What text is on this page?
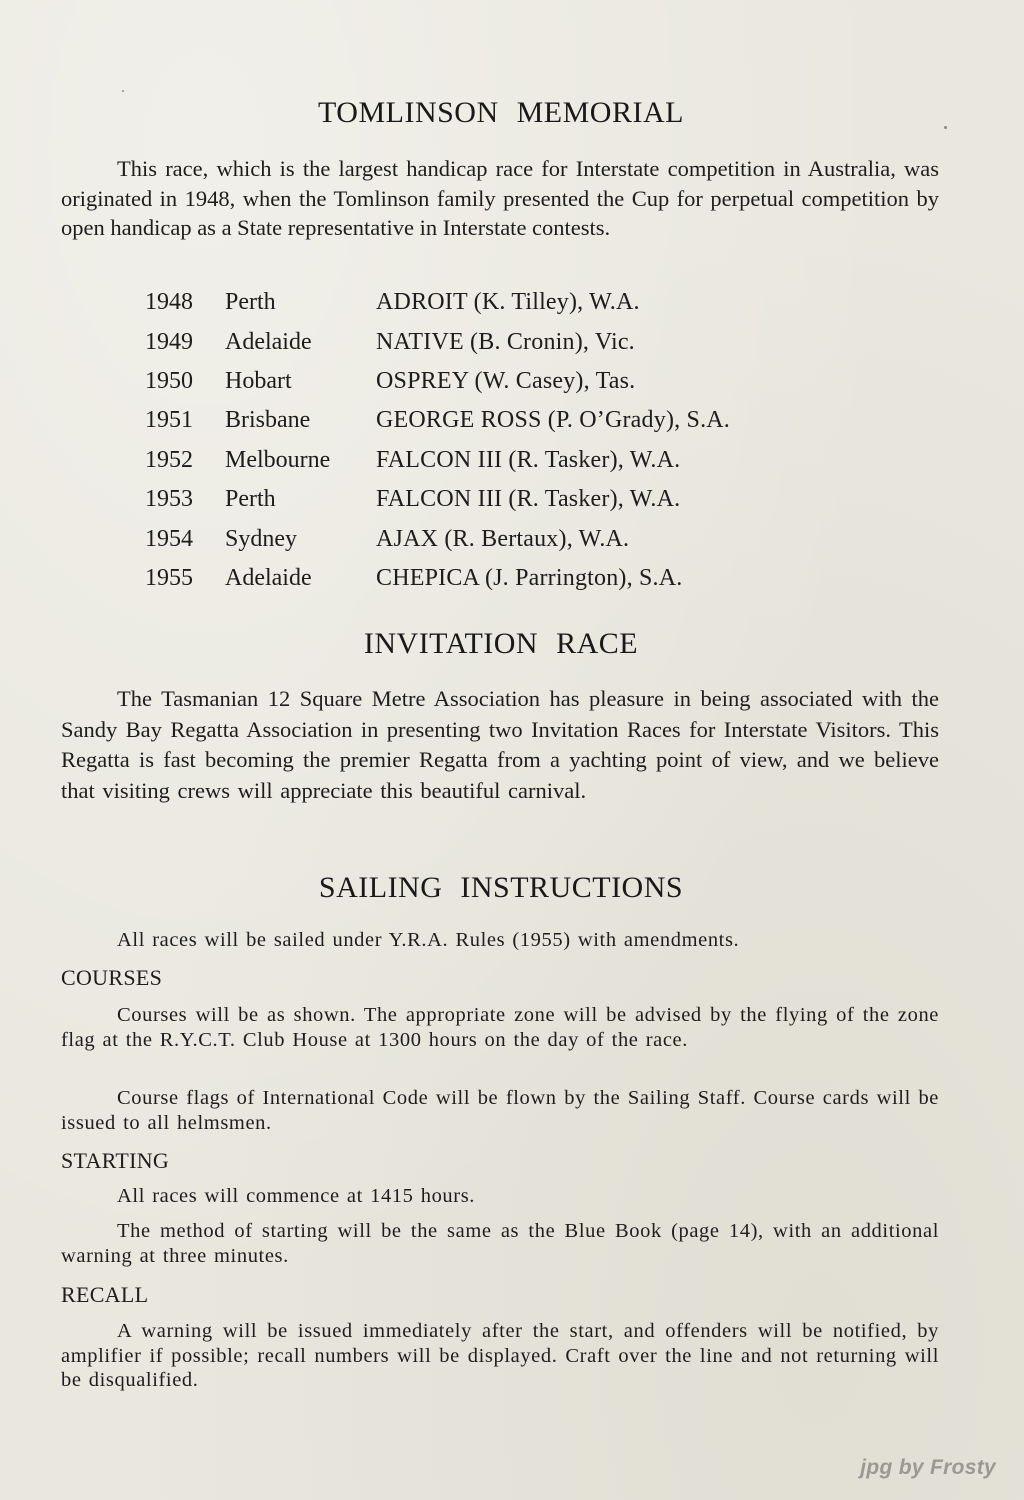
TOMLINSON MEMORIAL

This race, which is the largest handicap race for Interstate competition in Australia, was originated in 1948, when the Tomlinson family presented the Cup for perpetual competition by open handicap as a State representative in Interstate contests.

1948	Perth	ADROIT (K. Tilley), W.A.
1949	Adelaide	NATIVE (B. Cronin), Vic.
1950	Hobart	OSPREY (W. Casey), Tas.
1951	Brisbane	GEORGE ROSS (P. O’Grady), S.A.
1952	Melbourne	FALCON III (R. Tasker), W.A.
1953	Perth	FALCON III (R. Tasker), W.A.
1954	Sydney	AJAX (R. Bertaux), W.A.
1955	Adelaide	CHEPICA (J. Parrington), S.A.
INVITATION RACE

The Tasmanian 12 Square Metre Association has pleasure in being associated with the Sandy Bay Regatta Association in presenting two Invitation Races for Interstate Visitors. This Regatta is fast becoming the premier Regatta from a yachting point of view, and we believe that visiting crews will appreciate this beautiful carnival.

SAILING INSTRUCTIONS

All races will be sailed under Y.R.A. Rules (1955) with amendments.

COURSES

Courses will be as shown. The appropriate zone will be advised by the flying of the zone flag at the R.Y.C.T. Club House at 1300 hours on the day of the race.

Course flags of International Code will be flown by the Sailing Staff. Course cards will be issued to all helmsmen.

STARTING

All races will commence at 1415 hours.

The method of starting will be the same as the Blue Book (page 14), with an additional warning at three minutes.

RECALL

A warning will be issued immediately after the start, and offenders will be notified, by amplifier if possible; recall numbers will be displayed. Craft over the line and not returning will be disqualified.

jpg by Frosty
